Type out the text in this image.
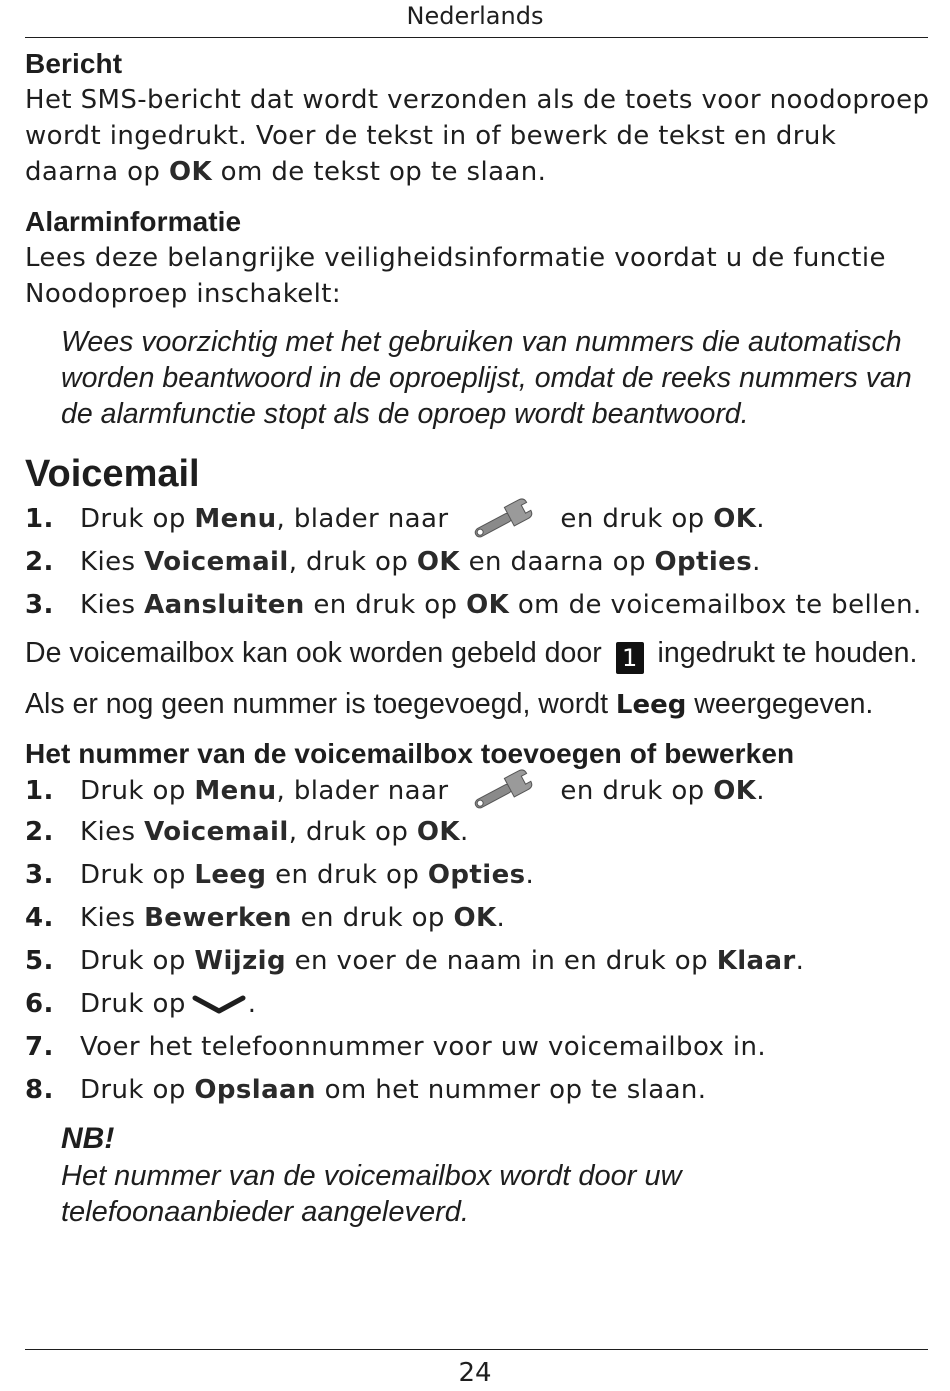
Nederlands

Bericht

Het SMS-bericht dat wordt verzonden als de toets voor noodoproep wordt ingedrukt. Voer de tekst in of bewerk de tekst en druk daarna op OK om de tekst op te slaan.

Alarminformatie

Lees deze belangrijke veiligheidsinformatie voordat u de functie Noodoproep inschakelt:

Wees voorzichtig met het gebruiken van nummers die automatisch worden beantwoord in de oproeplijst, omdat de reeks nummers van de alarmfunctie stopt als de oproep wordt beantwoord.

Voicemail
1.	Druk op Menu , blader naar	en druk op OK .
2.	Kies Voicemail , druk op OK en daarna op Opties .
3.	Kies Aansluiten en druk op OK om de voicemailbox te bellen.

De voicemailbox kan ook worden gebeld door 1 ingedrukt te houden.

Als er nog geen nummer is toegevoegd, wordt Leeg weergegeven.

Het nummer van de voicemailbox toevoegen of bewerken

1.	Druk op Menu , blader naar	en druk op OK .
2.	Kies Voicemail , druk op OK .
3.	Druk op Leeg en druk op Opties .
4.	Kies Bewerken en druk op OK .
5.	Druk op Wijzig en voer de naam in en druk op Klaar .
6.	Druk op .
7.	Voer het telefoonnummer voor uw voicemailbox in.
8.	Druk op Opslaan om het nummer op te slaan.

NB!

Het nummer van de voicemailbox wordt door uw telefoonaanbieder aangeleverd.

24
